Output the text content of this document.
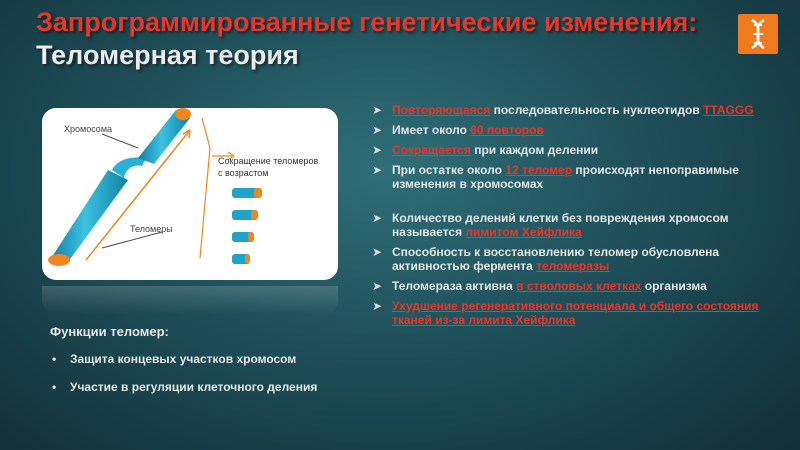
Запрограммированные генетические изменения: Теломерная теория
Хромосома
Сокращение теломеров
с возрастом
Теломеры
➤ Повторяющаяся последовательность нуклеотидов TTAGGG
➤ Имеет около 60 повторов
➤ Сокращается при каждом делении
➤ При остатке около 12 теломер происходят непоправимые изменения в хромосомах
➤ Количество делений клетки без повреждения хромосом называется лимитом Хейфлика
➤ Способность к восстановлению теломер обусловлена активностью фермента теломеразы
➤ Теломераза активна в стволовых клетках организма
➤ Ухудшение регенеративного потенциала и общего состояния тканей из-за лимита Хейфлика
Функции теломер:
• Защита концевых участков хромосом
• Участие в регуляции клеточного деления
